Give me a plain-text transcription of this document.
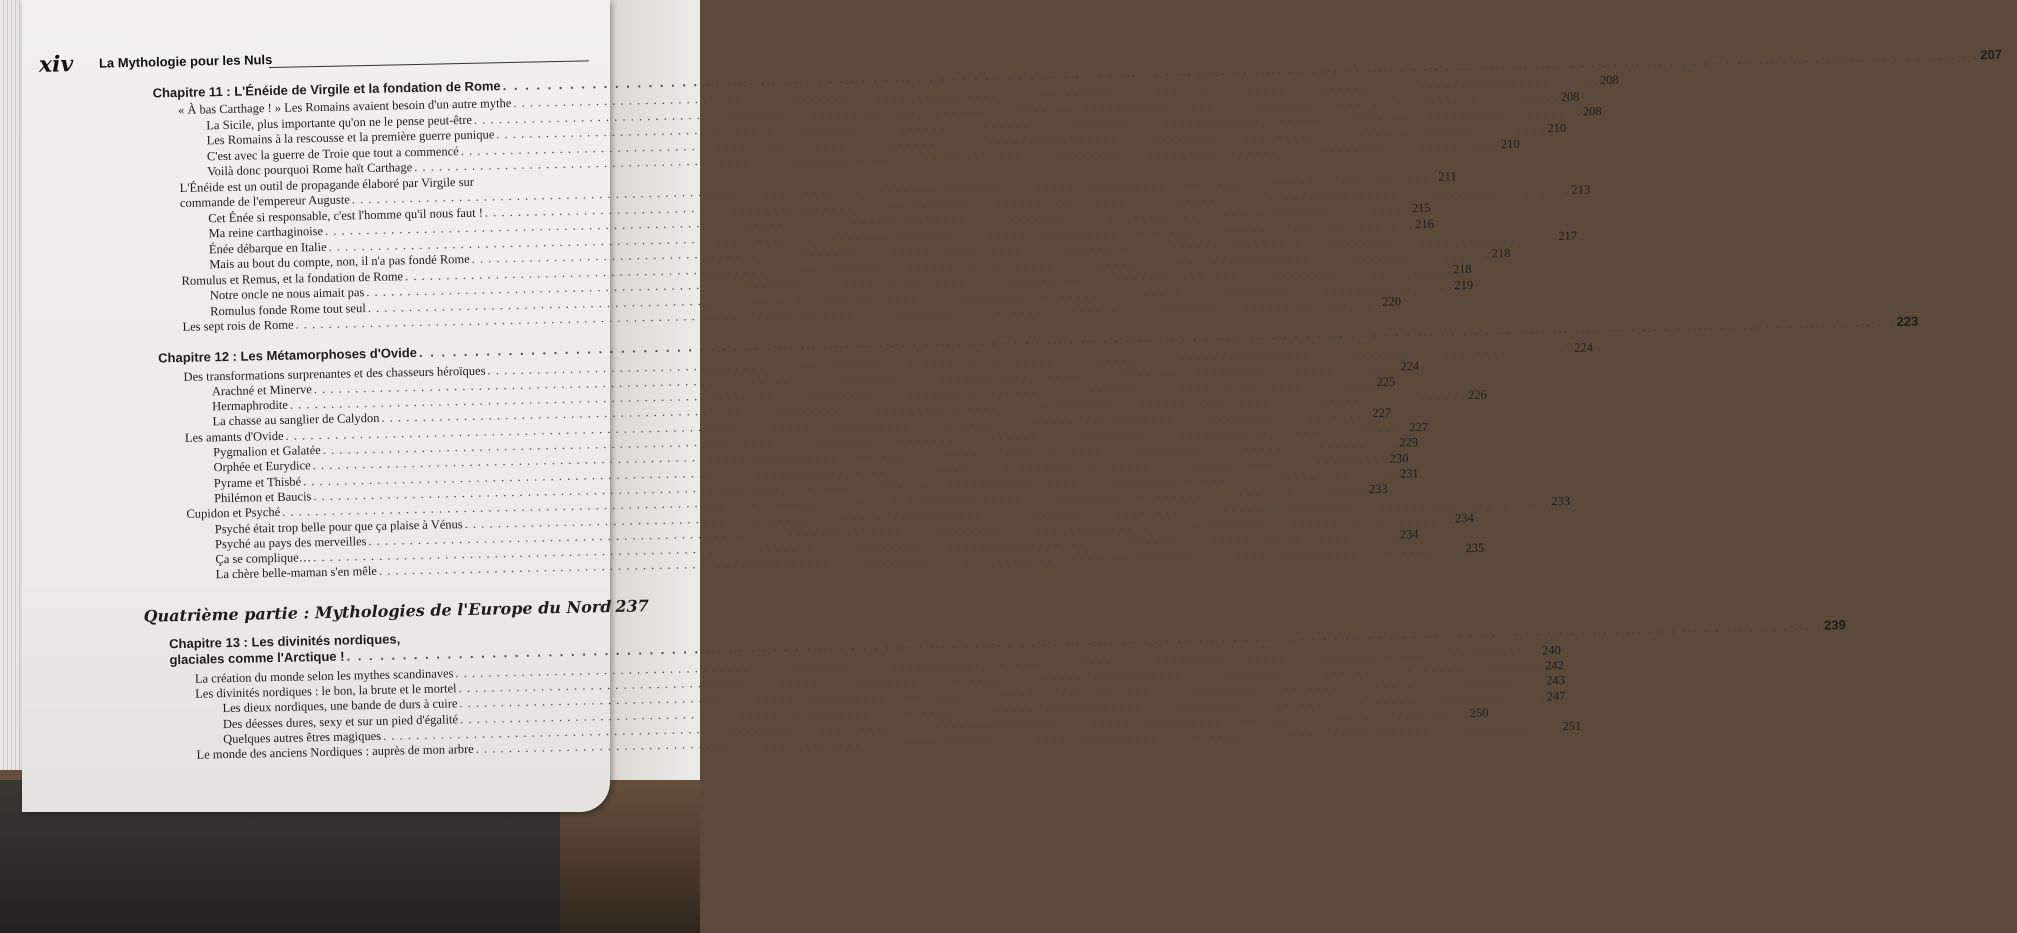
xiv La Mythologie pour les Nuls
Chapitre 11 : L'Énéide de Virgile et la fondation de Rome
. . .
207
« À bas Carthage ! » Les Romains avaient besoin d'un autre mythe
. . .
208
La Sicile, plus importante qu'on ne le pense peut-être
. . .
208
Les Romains à la rescousse et la première guerre punique
. . .
208
C'est avec la guerre de Troie que tout a commencé
. . .
210
Voilà donc pourquoi Rome haït Carthage
. . .
210
L'Énéide est un outil de propagande élaboré par Virgile sur
commande de l'empereur Auguste
. . .
211
Cet Énée si responsable, c'est l'homme qu'il nous faut !
. . .
213
Ma reine carthaginoise
. . .
215
Énée débarque en Italie
. . .
216
Mais au bout du compte, non, il n'a pas fondé Rome
. . .
217
Romulus et Remus, et la fondation de Rome
. . .
218
Notre oncle ne nous aimait pas
. . .
218
Romulus fonde Rome tout seul
. . .
219
Les sept rois de Rome
. . .
220
Chapitre 12 : Les Métamorphoses d'Ovide
. . .
223
Des transformations surprenantes et des chasseurs héroïques
. . .
224
Arachné et Minerve
. . .
224
Hermaphrodite
. . .
225
La chasse au sanglier de Calydon
. . .
226
Les amants d'Ovide
. . .
227
Pygmalion et Galatée
. . .
227
Orphée et Eurydice
. . .
229
Pyrame et Thisbé
. . .
230
Philémon et Baucis
. . .
231
Cupidon et Psyché
. . .
233
Psyché était trop belle pour que ça plaise à Vénus
. . .
233
Psyché au pays des merveilles
. . .
234
Ça se complique…
. . .
234
La chère belle-maman s'en mêle
. . .
235
Quatrième partie : Mythologies de l'Europe du Nord
. . . 237
Chapitre 13 : Les divinités nordiques,
glaciales comme l'Arctique !
. . .
239
La création du monde selon les mythes scandinaves
. . .
240
Les divinités nordiques : le bon, la brute et le mortel
. . .
242
Les dieux nordiques, une bande de durs à cuire
. . .
243
Des déesses dures, sexy et sur un pied d'égalité
. . .
247
Quelques autres êtres magiques
. . .
250
Le monde des anciens Nordiques : auprès de mon arbre
. . .
251
